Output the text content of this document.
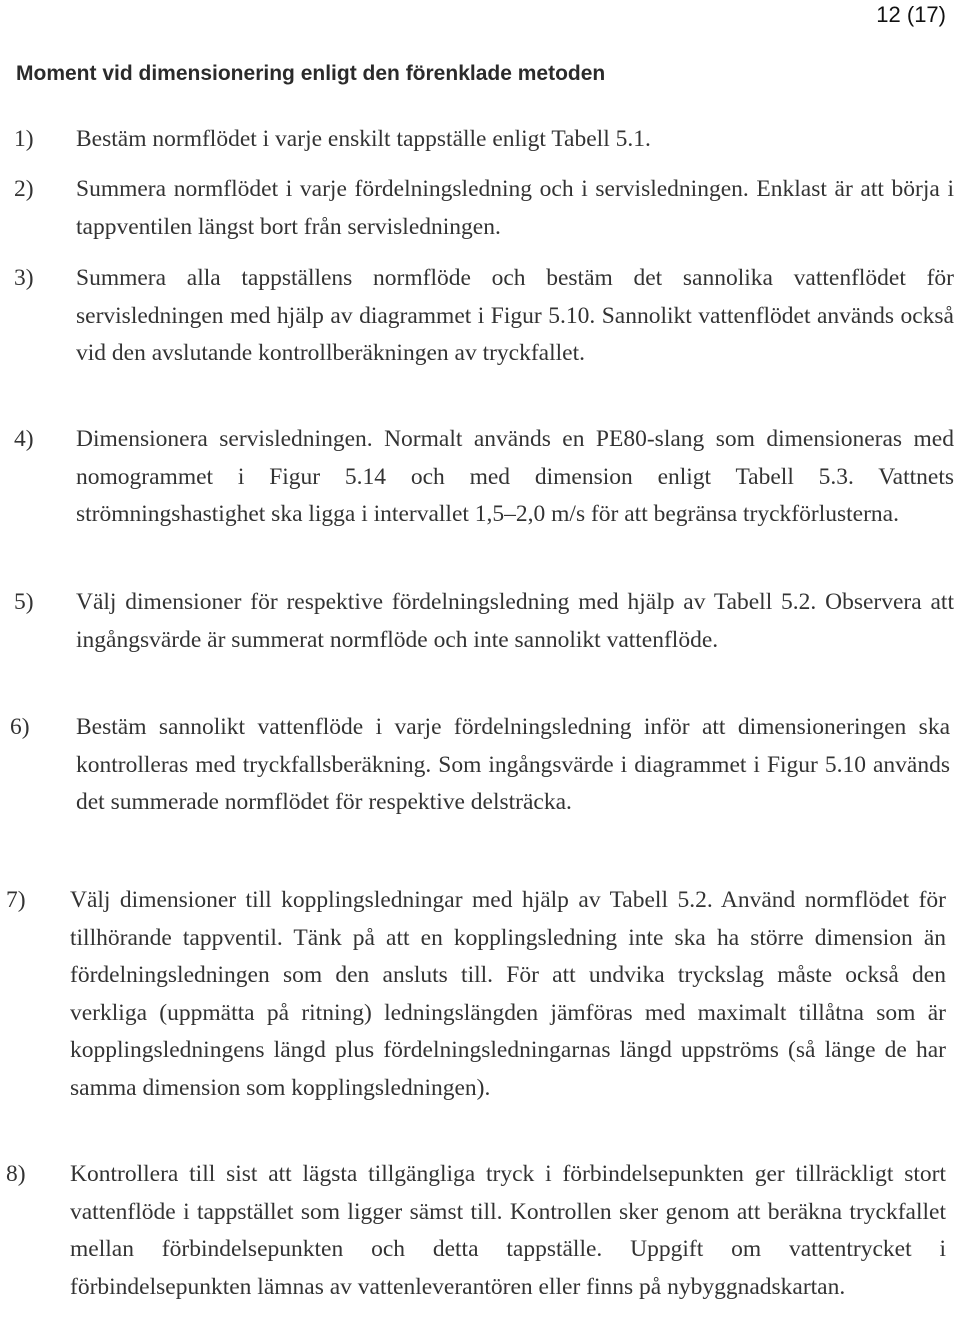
12 (17)
Moment vid dimensionering enligt den förenklade metoden
1) Bestäm normflödet i varje enskilt tappställe enligt Tabell 5.1.
2) Summera normflödet i varje fördelningsledning och i servisledningen. Enklast är att börja i tappventilen längst bort från servisledningen.
3) Summera alla tappställens normflöde och bestäm det sannolika vattenflödet för servisledningen med hjälp av diagrammet i Figur 5.10. Sannolikt vattenflödet används också vid den avslutande kontrollberäkningen av tryckfallet.
4) Dimensionera servisledningen. Normalt används en PE80-slang som dimensioneras med nomogrammet i Figur 5.14 och med dimension enligt Tabell 5.3. Vattnets strömningshastighet ska ligga i intervallet 1,5–2,0 m/s för att begränsa tryckförlusterna.
5) Välj dimensioner för respektive fördelningsledning med hjälp av Tabell 5.2. Observera att ingångsvärde är summerat normflöde och inte sannolikt vattenflöde.
6) Bestäm sannolikt vattenflöde i varje fördelningsledning inför att dimensioneringen ska kontrolleras med tryckfallsberäkning. Som ingångsvärde i diagrammet i Figur 5.10 används det summerade normflödet för respektive delsträcka.
7) Välj dimensioner till kopplingsledningar med hjälp av Tabell 5.2. Använd normflödet för tillhörande tappventil. Tänk på att en kopplingsledning inte ska ha större dimension än fördelningsledningen som den ansluts till. För att undvika tryckslag måste också den verkliga (uppmätta på ritning) ledningslängden jämföras med maximalt tillåtna som är kopplingsledningens längd plus fördelningsledningarnas längd uppströms (så länge de har samma dimension som kopplingsledningen).
8) Kontrollera till sist att lägsta tillgängliga tryck i förbindelsepunkten ger tillräckligt stort vattenflöde i tappstället som ligger sämst till. Kontrollen sker genom att beräkna tryckfallet mellan förbindelsepunkten och detta tappställe. Uppgift om vattentrycket i förbindelsepunkten lämnas av vattenleverantören eller finns på nybyggnadskartan.
